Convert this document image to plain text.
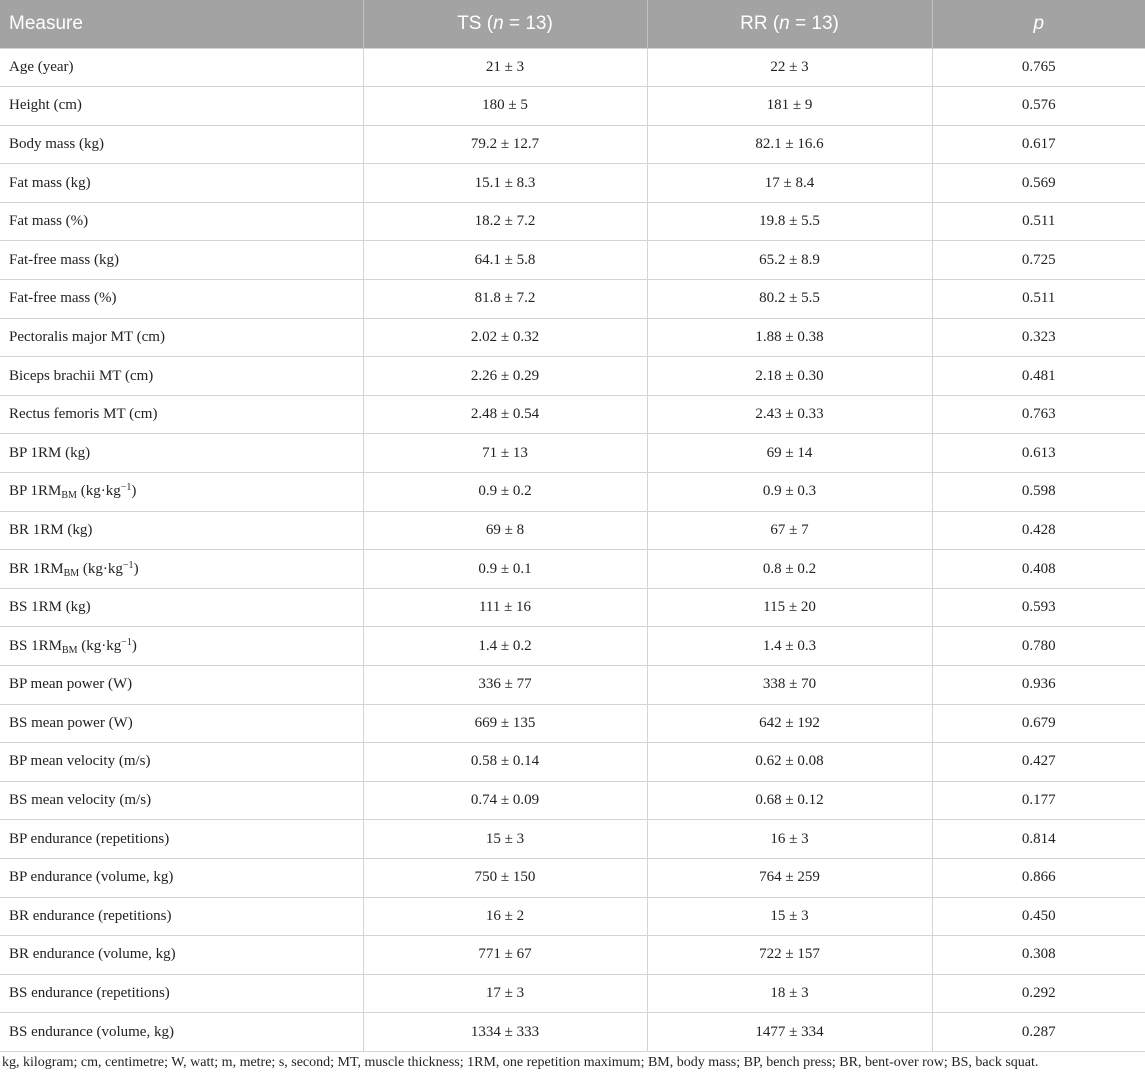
Measure	TS (n = 13)	RR (n = 13)	p
Age (year)	21 ± 3	22 ± 3	0.765
Height (cm)	180 ± 5	181 ± 9	0.576
Body mass (kg)	79.2 ± 12.7	82.1 ± 16.6	0.617
Fat mass (kg)	15.1 ± 8.3	17 ± 8.4	0.569
Fat mass (%)	18.2 ± 7.2	19.8 ± 5.5	0.511
Fat-free mass (kg)	64.1 ± 5.8	65.2 ± 8.9	0.725
Fat-free mass (%)	81.8 ± 7.2	80.2 ± 5.5	0.511
Pectoralis major MT (cm)	2.02 ± 0.32	1.88 ± 0.38	0.323
Biceps brachii MT (cm)	2.26 ± 0.29	2.18 ± 0.30	0.481
Rectus femoris MT (cm)	2.48 ± 0.54	2.43 ± 0.33	0.763
BP 1RM (kg)	71 ± 13	69 ± 14	0.613
BP $1RM_{BM}$ $(kg\cdot kg^{-1})$	0.9 ± 0.2	0.9 ± 0.3	0.598
BR 1RM (kg)	69 ± 8	67 ± 7	0.428
BR $1RM_{BM}$ $(kg\cdot kg^{-1})$	0.9 ± 0.1	0.8 ± 0.2	0.408
BS 1RM (kg)	111 ± 16	115 ± 20	0.593
BS $1RM_{BM}$ $(kg\cdot kg^{-1})$	1.4 ± 0.2	1.4 ± 0.3	0.780
BP mean power (W)	336 ± 77	338 ± 70	0.936
BS mean power (W)	669 ± 135	642 ± 192	0.679
BP mean velocity (m/s)	0.58 ± 0.14	0.62 ± 0.08	0.427
BS mean velocity (m/s)	0.74 ± 0.09	0.68 ± 0.12	0.177
BP endurance (repetitions)	15 ± 3	16 ± 3	0.814
BP endurance (volume, kg)	750 ± 150	764 ± 259	0.866
BR endurance (repetitions)	16 ± 2	15 ± 3	0.450
BR endurance (volume, kg)	771 ± 67	722 ± 157	0.308
BS endurance (repetitions)	17 ± 3	18 ± 3	0.292
BS endurance (volume, kg)	1334 ± 333	1477 ± 334	0.287
kg, kilogram; cm, centimetre; W, watt; m, metre; s, second; MT, muscle thickness; 1RM, one repetition maximum; BM, body mass; BP, bench press; BR, bent-over row; BS, back squat.
